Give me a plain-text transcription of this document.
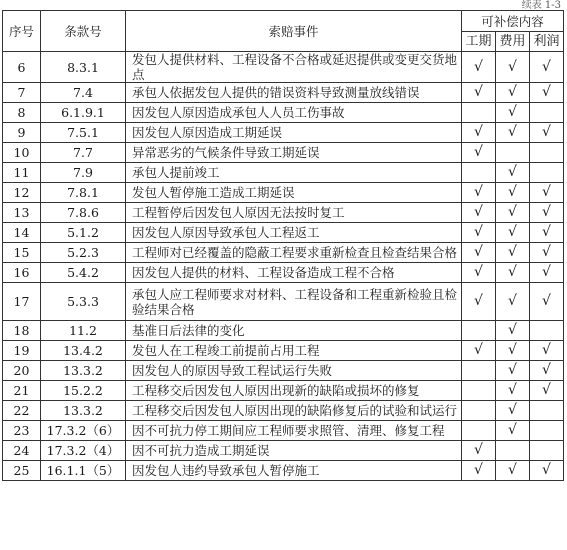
续表 1-3
序号	条款号	索赔事件	可补偿内容		
			工期	费用	利润
6	8.3.1	发包人提供材料、工程设备不合格或延迟提供或变更交货地点	√	√	√
7	7.4	承包人依据发包人提供的错误资料导致测量放线错误	√	√	√
8	6.1.9.1	因发包人原因造成承包人人员工伤事故		√	
9	7.5.1	因发包人原因造成工期延误	√	√	√
10	7.7	异常恶劣的气候条件导致工期延误	√		
11	7.9	承包人提前竣工		√	
12	7.8.1	发包人暂停施工造成工期延误	√	√	√
13	7.8.6	工程暂停后因发包人原因无法按时复工	√	√	√
14	5.1.2	因发包人原因导致承包人工程返工	√	√	√
15	5.2.3	工程师对已经覆盖的隐蔽工程要求重新检查且检查结果合格	√	√	√
16	5.4.2	因发包人提供的材料、工程设备造成工程不合格	√	√	√
17	5.3.3	承包人应工程师要求对材料、工程设备和工程重新检验且检验结果合格	√	√	√
18	11.2	基准日后法律的变化		√	
19	13.4.2	发包人在工程竣工前提前占用工程	√	√	√
20	13.3.2	因发包人的原因导致工程试运行失败		√	√
21	15.2.2	工程移交后因发包人原因出现新的缺陷或损坏的修复		√	√
22	13.3.2	工程移交后因发包人原因出现的缺陷修复后的试验和试运行		√	
23	17.3.2（6）	因不可抗力停工期间应工程师要求照管、清理、修复工程		√	
24	17.3.2（4）	因不可抗力造成工期延误	√		
25	16.1.1（5）	因发包人违约导致承包人暂停施工	√	√	√
